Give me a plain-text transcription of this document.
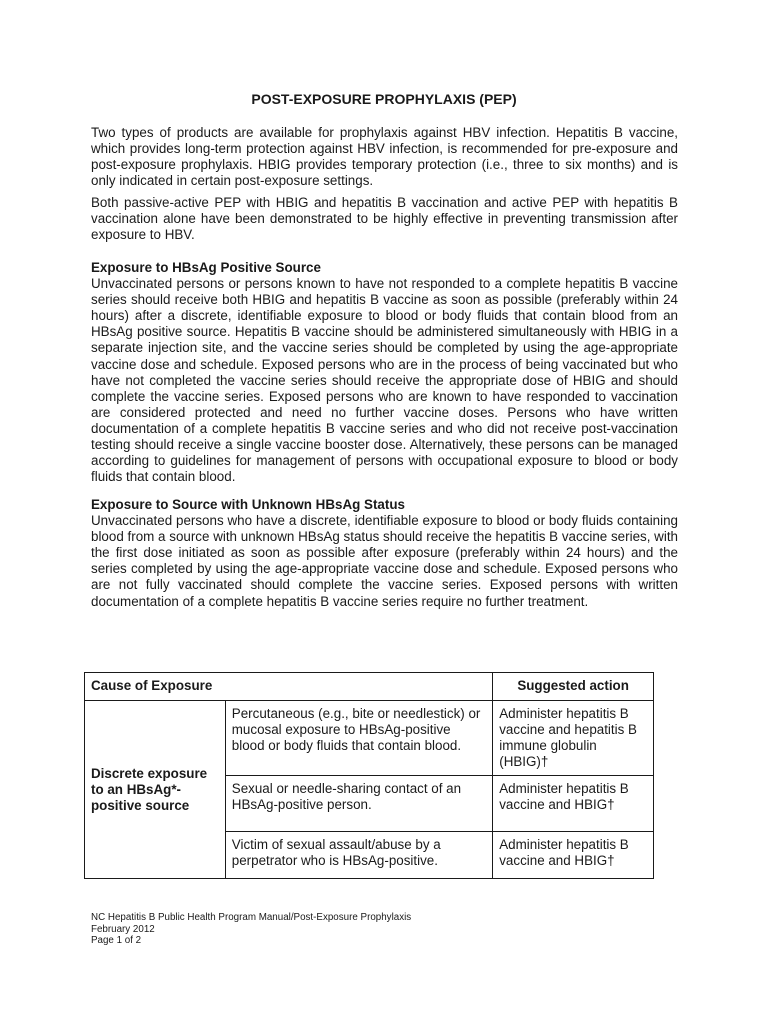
POST-EXPOSURE PROPHYLAXIS (PEP)

Two types of products are available for prophylaxis against HBV infection. Hepatitis B vaccine, which provides long-term protection against HBV infection, is recommended for pre-exposure and post-exposure prophylaxis. HBIG provides temporary protection (i.e., three to six months) and is only indicated in certain post-exposure settings.

Both passive-active PEP with HBIG and hepatitis B vaccination and active PEP with hepatitis B vaccination alone have been demonstrated to be highly effective in preventing transmission after exposure to HBV.

Exposure to HBsAg Positive Source
Unvaccinated persons or persons known to have not responded to a complete hepatitis B vaccine series should receive both HBIG and hepatitis B vaccine as soon as possible (preferably within 24 hours) after a discrete, identifiable exposure to blood or body fluids that contain blood from an HBsAg positive source. Hepatitis B vaccine should be administered simultaneously with HBIG in a separate injection site, and the vaccine series should be completed by using the age-appropriate vaccine dose and schedule. Exposed persons who are in the process of being vaccinated but who have not completed the vaccine series should receive the appropriate dose of HBIG and should complete the vaccine series. Exposed persons who are known to have responded to vaccination are considered protected and need no further vaccine doses. Persons who have written documentation of a complete hepatitis B vaccine series and who did not receive post-vaccination testing should receive a single vaccine booster dose. Alternatively, these persons can be managed according to guidelines for management of persons with occupational exposure to blood or body fluids that contain blood.
Exposure to Source with Unknown HBsAg Status
Unvaccinated persons who have a discrete, identifiable exposure to blood or body fluids containing blood from a source with unknown HBsAg status should receive the hepatitis B vaccine series, with the first dose initiated as soon as possible after exposure (preferably within 24 hours) and the series completed by using the age-appropriate vaccine dose and schedule. Exposed persons who are not fully vaccinated should complete the vaccine series. Exposed persons with written documentation of a complete hepatitis B vaccine series require no further treatment.
Cause of Exposure		Suggested action
Discrete exposure to an HBsAg*-positive source	Percutaneous (e.g., bite or needlestick) or mucosal exposure to HBsAg-positive blood or body fluids that contain blood.	Administer hepatitis B vaccine and hepatitis B immune globulin (HBIG)†
	Sexual or needle-sharing contact of an HBsAg-positive person.	Administer hepatitis B vaccine and HBIG†
	Victim of sexual assault/abuse by a perpetrator who is HBsAg-positive.	Administer hepatitis B vaccine and HBIG†
NC Hepatitis B Public Health Program Manual/Post-Exposure Prophylaxis
February 2012
Page 1 of 2
